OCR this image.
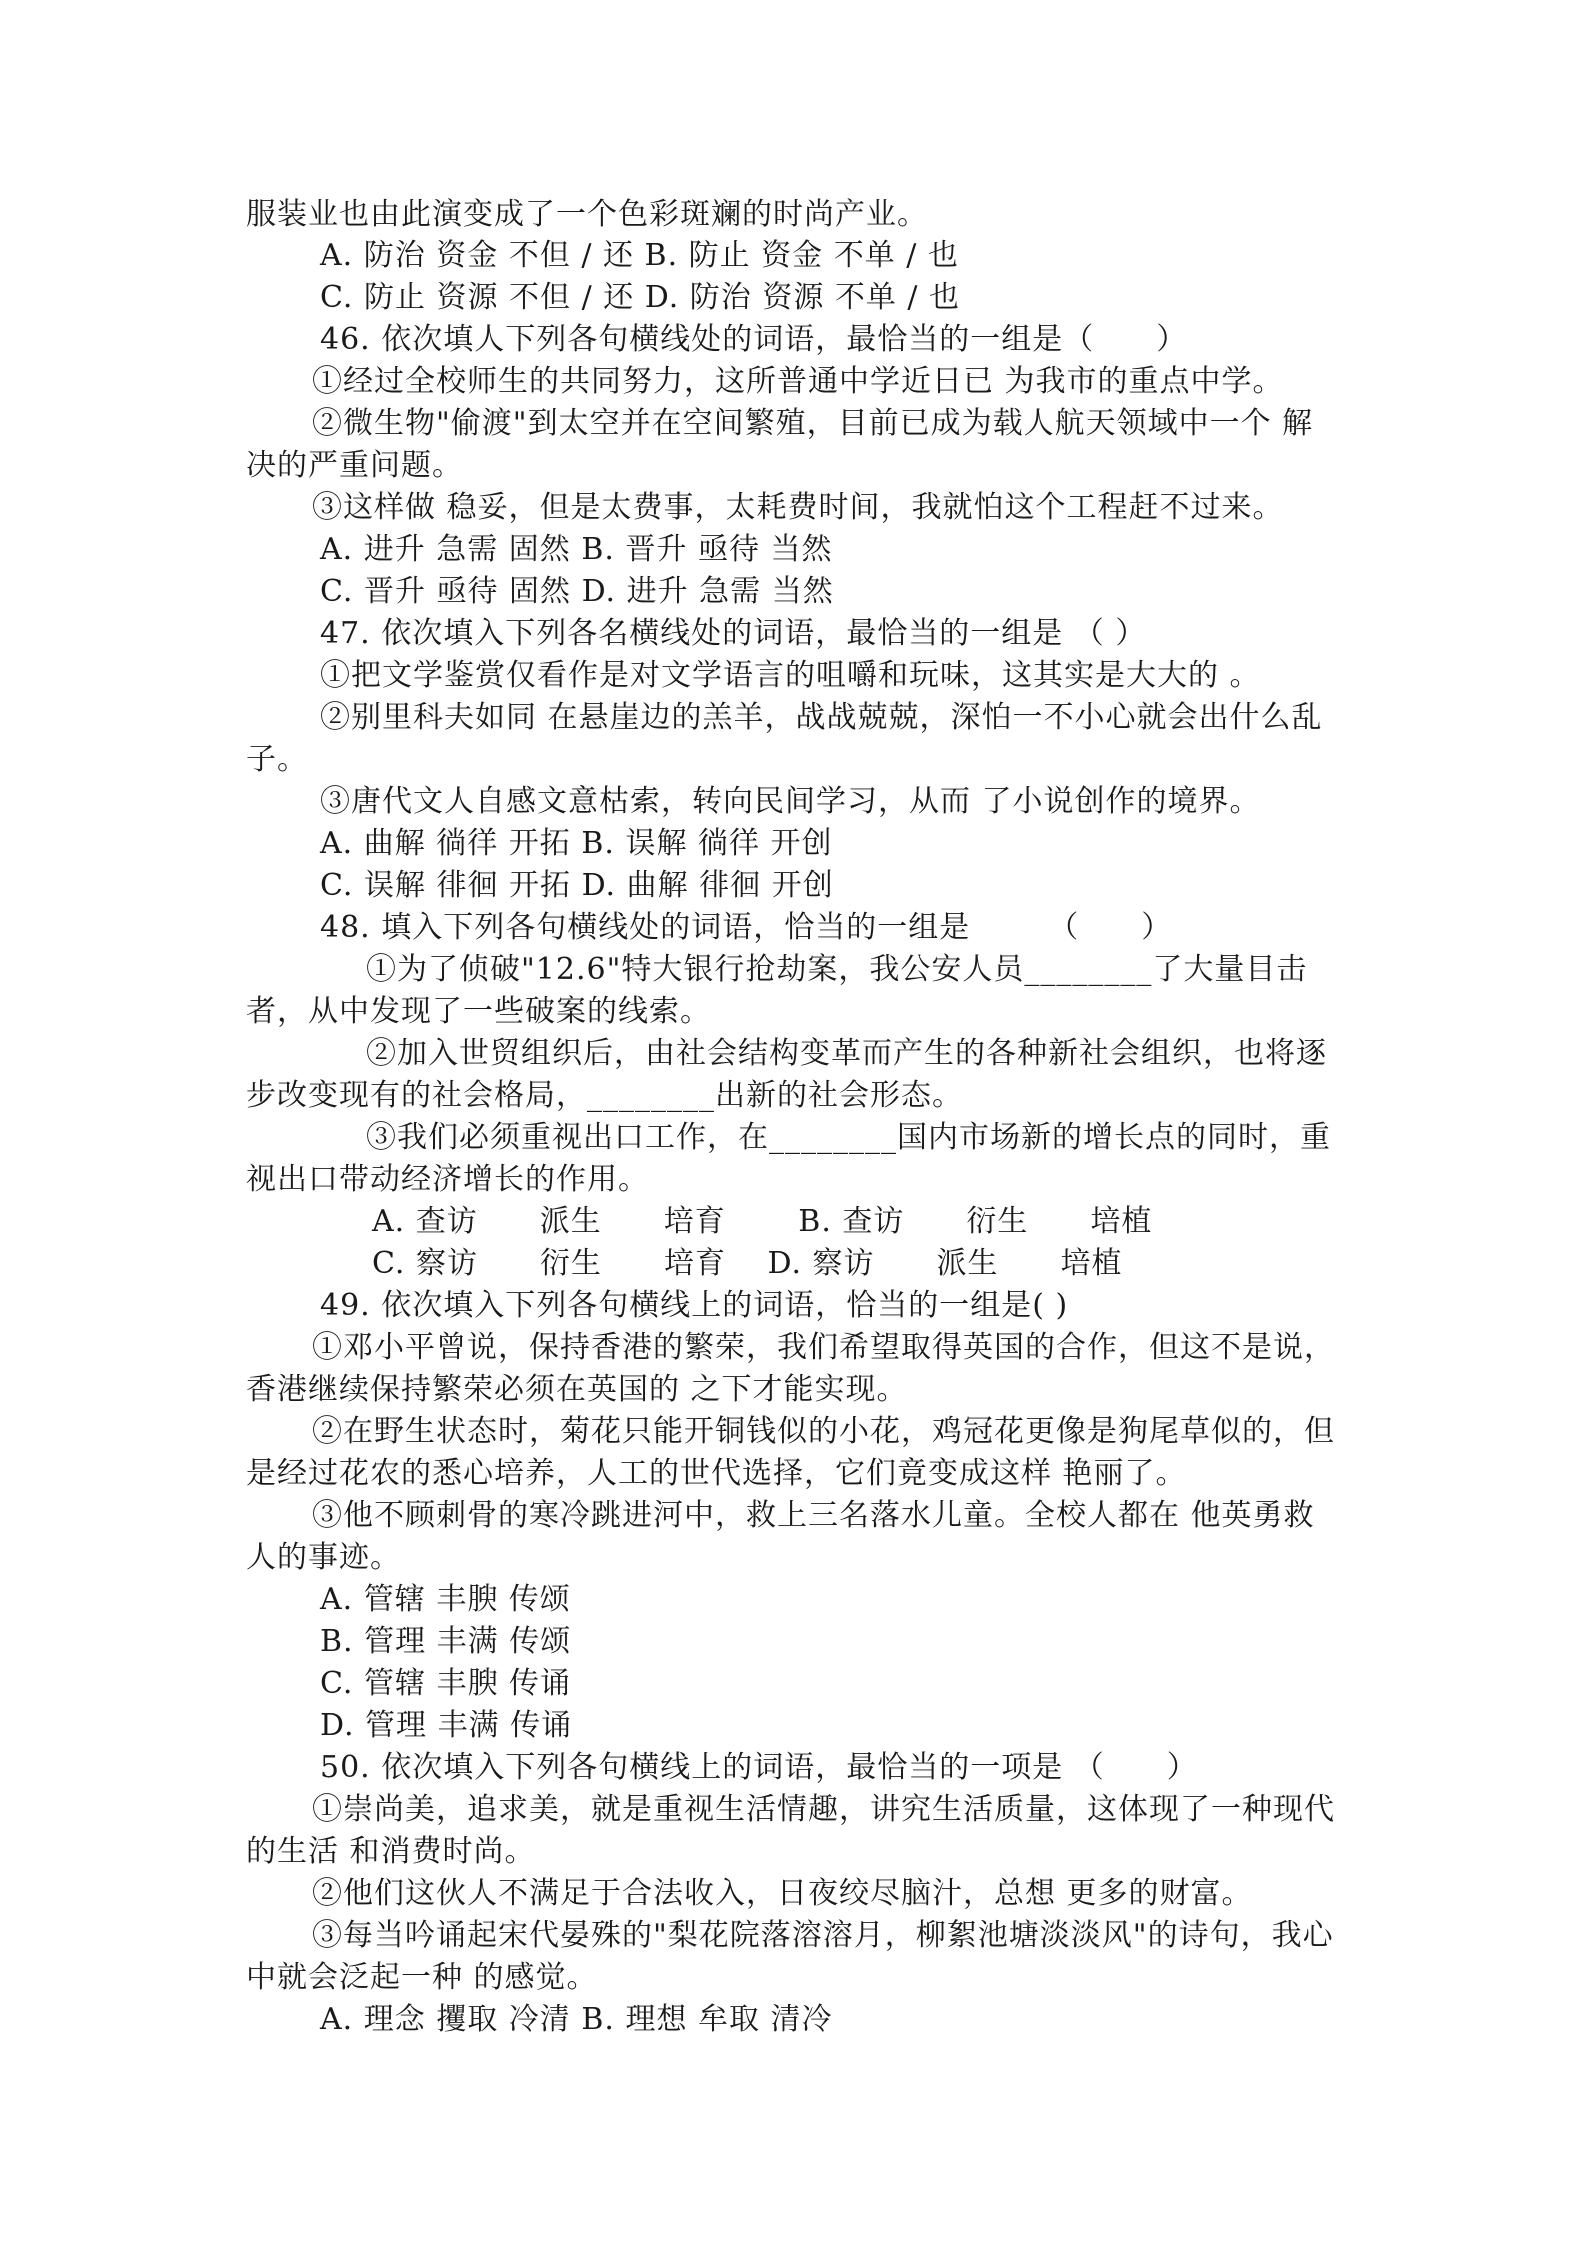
服装业也由此演变成了一个色彩斑斓的时尚产业。
A. 防治 资金 不但 / 还 B. 防止 资金 不单 / 也
C. 防止 资源 不但 / 还 D. 防治 资源 不单 / 也
46. 依次填人下列各句横线处的词语，最恰当的一组是（　　）
①经过全校师生的共同努力，这所普通中学近日已 为我市的重点中学。
②微生物"偷渡"到太空并在空间繁殖，目前已成为载人航天领域中一个 解
决的严重问题。
③这样做 稳妥，但是太费事，太耗费时间，我就怕这个工程赶不过来。
A. 进升 急需 固然 B. 晋升 亟待 当然
C. 晋升 亟待 固然 D. 进升 急需 当然
47. 依次填入下列各名横线处的词语，最恰当的一组是 （ ）
①把文学鉴赏仅看作是对文学语言的咀嚼和玩味，这其实是大大的 。
②别里科夫如同 在悬崖边的羔羊，战战兢兢，深怕一不小心就会出什么乱
子。
③唐代文人自感文意枯索，转向民间学习，从而 了小说创作的境界。
A. 曲解 徜徉 开拓 B. 误解 徜徉 开创
C. 误解 徘徊 开拓 D. 曲解 徘徊 开创
48. 填入下列各句横线处的词语，恰当的一组是　　　（　　）
①为了侦破"12.6"特大银行抢劫案，我公安人员________了大量目击
者，从中发现了一些破案的线索。
②加入世贸组织后，由社会结构变革而产生的各种新社会组织，也将逐
步改变现有的社会格局，________出新的社会形态。
③我们必须重视出口工作，在________国内市场新的增长点的同时，重
视出口带动经济增长的作用。
A. 查访　　派生　　培育　　 B. 查访　　衍生　　培植
C. 察访　　衍生　　培育　 D. 察访　　派生　　培植
49. 依次填入下列各句横线上的词语，恰当的一组是( )
①邓小平曾说，保持香港的繁荣，我们希望取得英国的合作，但这不是说，
香港继续保持繁荣必须在英国的 之下才能实现。
②在野生状态时，菊花只能开铜钱似的小花，鸡冠花更像是狗尾草似的，但
是经过花农的悉心培养，人工的世代选择，它们竟变成这样 艳丽了。
③他不顾刺骨的寒冷跳进河中，救上三名落水儿童。全校人都在 他英勇救
人的事迹。
A. 管辖 丰腴 传颂
B. 管理 丰满 传颂
C. 管辖 丰腴 传诵
D. 管理 丰满 传诵
50. 依次填入下列各句横线上的词语，最恰当的一项是 （　　）
①崇尚美，追求美，就是重视生活情趣，讲究生活质量，这体现了一种现代
的生活 和消费时尚。
②他们这伙人不满足于合法收入，日夜绞尽脑汁，总想 更多的财富。
③每当吟诵起宋代晏殊的"梨花院落溶溶月，柳絮池塘淡淡风"的诗句，我心
中就会泛起一种 的感觉。
A. 理念 攫取 冷清 B. 理想 牟取 清冷
